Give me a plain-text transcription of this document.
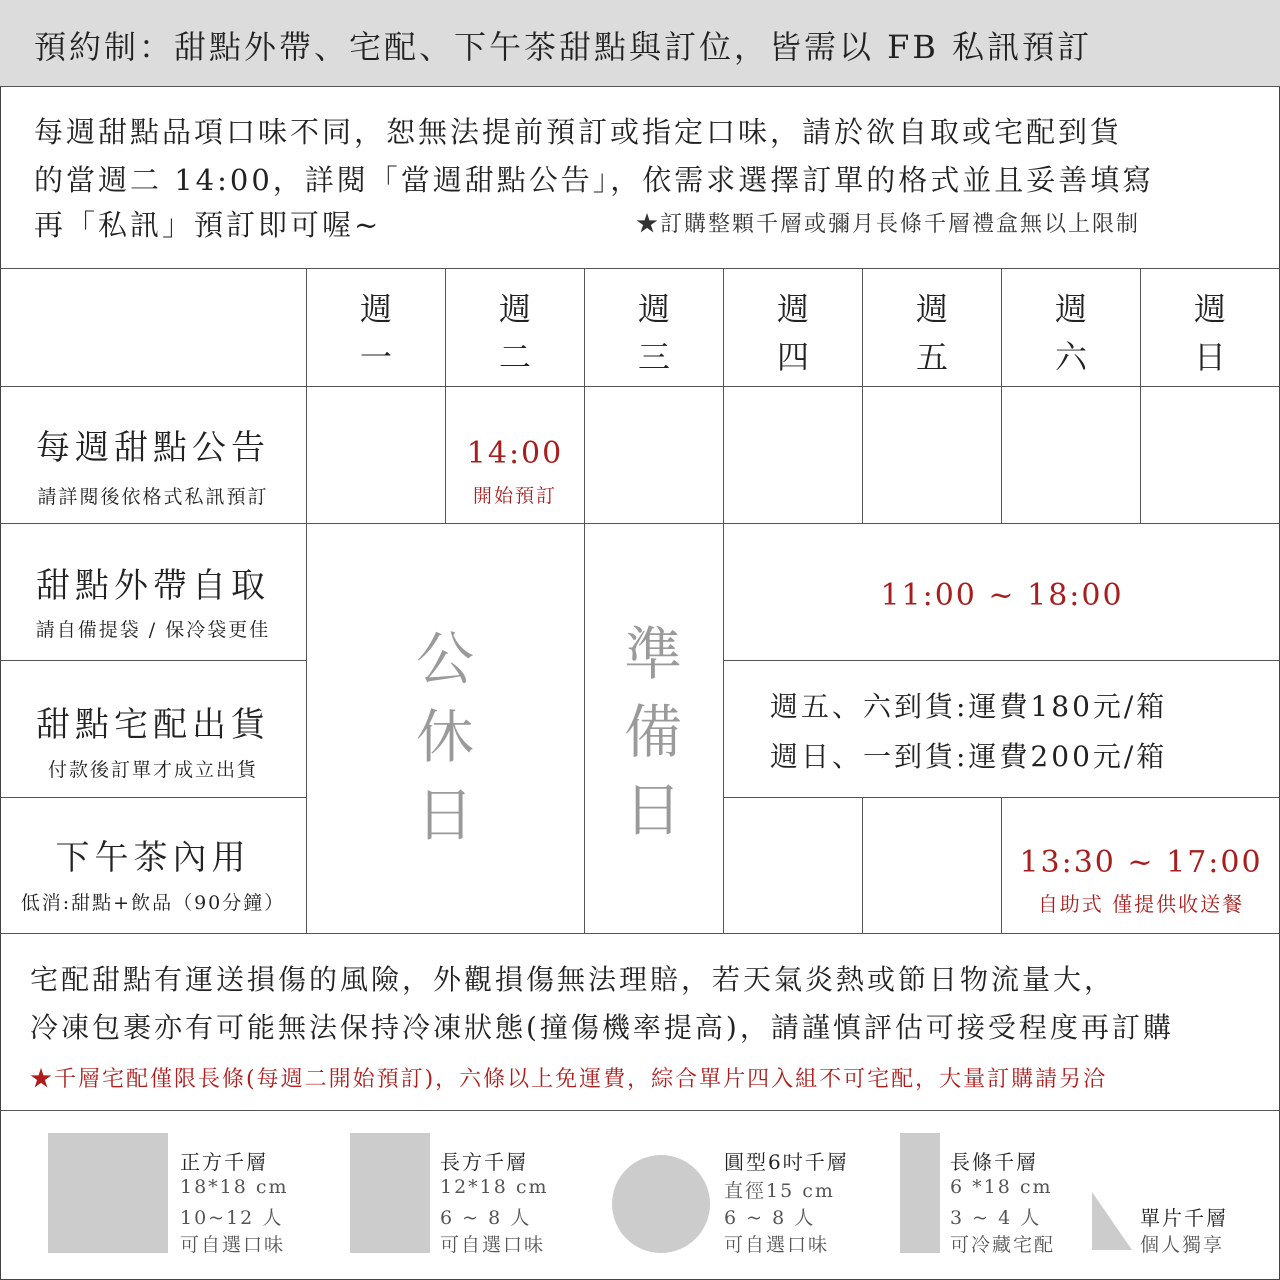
預約制：甜點外帶、宅配、下午茶甜點與訂位，皆需以 FB 私訊預訂
每週甜點品項口味不同，恕無法提前預訂或指定口味，請於欲自取或宅配到貨
的當週二 14:00，詳閱「當週甜點公告」，依需求選擇訂單的格式並且妥善填寫
再「私訊」預訂即可喔~	★訂購整顆千層或彌月長條千層禮盒無以上限制
週
一
週
二
週
三
週
四
週
五
週
六
週
日
每週甜點公告
請詳閱後依格式私訊預訂
甜點外帶自取
請自備提袋 / 保冷袋更佳
甜點宅配出貨
付款後訂單才成立出貨
下午茶內用
低消:甜點+飲品（90分鐘）
14:00
開始預訂
公
休
日
準
備
日
11:00 ~ 18:00
週五、六到貨:運費180元/箱
週日、一到貨:運費200元/箱
13:30 ~ 17:00
自助式 僅提供收送餐
宅配甜點有運送損傷的風險，外觀損傷無法理賠，若天氣炎熱或節日物流量大，
冷凍包裹亦有可能無法保持冷凍狀態(撞傷機率提高)，請謹慎評估可接受程度再訂購
★千層宅配僅限長條(每週二開始預訂)，六條以上免運費，綜合單片四入組不可宅配，大量訂購請另洽
正方千層
18*18 cm
10~12 人
可自選口味
長方千層
12*18 cm
6 ~ 8 人
可自選口味
圓型6吋千層
直徑15 cm
6 ~ 8 人
可自選口味
長條千層
6 *18 cm
3 ~ 4 人
可冷藏宅配
單片千層
個人獨享
